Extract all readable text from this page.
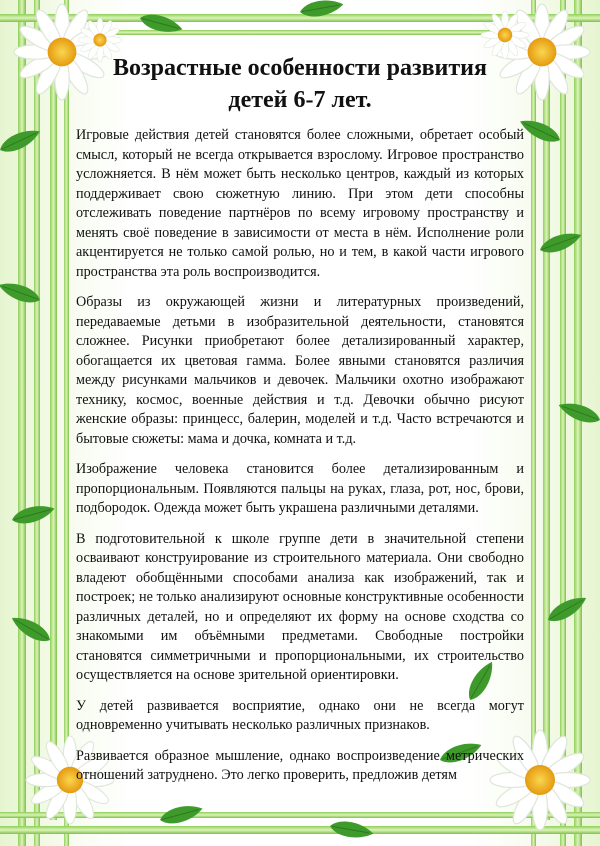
Возрастные особенности развития
детей 6-7 лет.

Игровые действия детей становятся более сложными, обретает особый смысл, который не всегда открывается взрослому. Игровое пространство усложняется. В нём может быть несколько центров, каждый из которых поддерживает свою сюжетную линию. При этом дети способны отслеживать поведение партнёров по всему игровому пространству и менять своё поведение в зависимости от места в нём. Исполнение роли акцентируется не только самой ролью, но и тем, в какой части игрового пространства эта роль воспроизводится.

Образы из окружающей жизни и литературных произведений, передаваемые детьми в изобразительной деятельности, становятся сложнее. Рисунки приобретают более детализированный характер, обогащается их цветовая гамма. Более явными становятся различия между рисунками мальчиков и девочек. Мальчики охотно изображают технику, космос, военные действия и т.д. Девочки обычно рисуют женские образы: принцесс, балерин, моделей и т.д. Часто встречаются и бытовые сюжеты: мама и дочка, комната и т.д.

Изображение человека становится более детализированным и пропорциональным. Появляются пальцы на руках, глаза, рот, нос, брови, подбородок. Одежда может быть украшена различными деталями.

В подготовительной к школе группе дети в значительной степени осваивают конструирование из строительного материала. Они свободно владеют обобщёнными способами анализа как изображений, так и построек; не только анализируют основные конструктивные особенности различных деталей, но и определяют их форму на основе сходства со знакомыми им объёмными предметами. Свободные постройки становятся симметричными и пропорциональными, их строительство осуществляется на основе зрительной ориентировки.

У детей развивается восприятие, однако они не всегда могут одновременно учитывать несколько различных признаков.

Развивается образное мышление, однако воспроизведение метрических отношений затруднено. Это легко проверить, предложив детям
